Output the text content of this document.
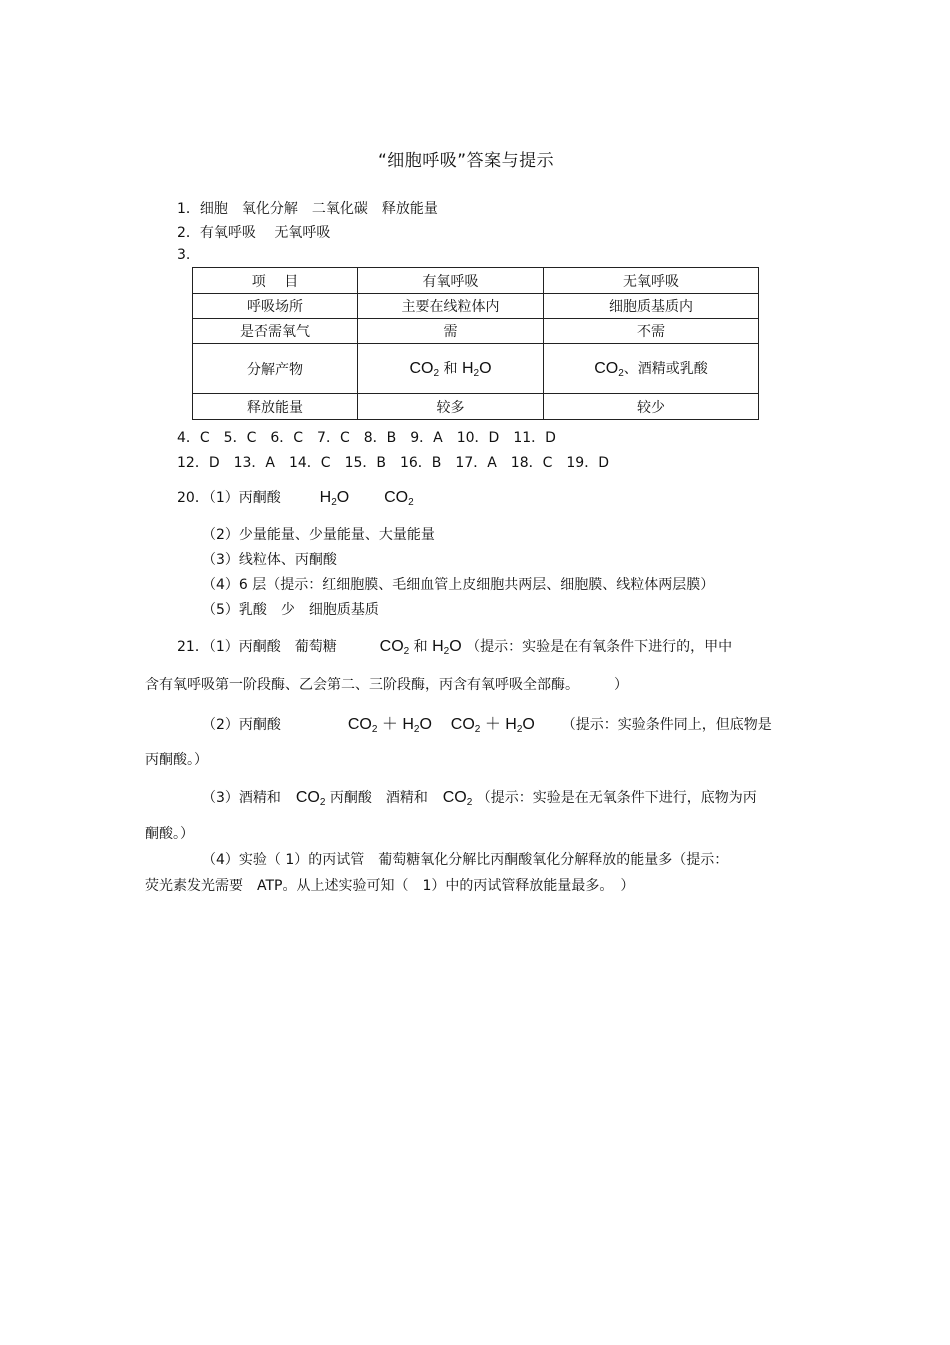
“细胞呼吸”答案与提示
1．细胞　氧化分解　二氧化碳　释放能量
2．有氧呼吸　 无氧呼吸
3.
项　 目	有氧呼吸	无氧呼吸
呼吸场所	主要在线粒体内	细胞质基质内
是否需氧气	需	不需
分解产物	$CO_2$ 和 $H_2O$	$CO_2$、酒精或乳酸
释放能量	较多	较少
4．C　5．C　6．C　7．C　8．B　9．A　10．D　11．D
12．D　13．A　14．C　15．B　16．B　17．A　18．C　19．D
20．（1）丙酮酸 $H_2O$ $CO_2$
（2）少量能量、少量能量、大量能量
（3）线粒体、丙酮酸
（4）6 层（提示：红细胞膜、毛细血管上皮细胞共两层、细胞膜、线粒体两层膜）
（5）乳酸　少　细胞质基质
21．（1）丙酮酸　葡萄糖	$CO_2$ 和 $H_2O$ （提示：实验是在有氧条件下进行的，甲中
含有氧呼吸第一阶段酶、乙会第二、三阶段酶，丙含有氧呼吸全部酶。　　　）
（2）丙酮酸	$CO_2 + H_2O$ $CO_2 + H_2O$ （提示：实验条件同上，但底物是
丙酮酸。）
（3）酒精和 $CO_2$ 丙酮酸　酒精和 $CO_2$ （提示：实验是在无氧条件下进行，底物为丙
酮酸。）
（4）实验（ 1）的丙试管　葡萄糖氧化分解比丙酮酸氧化分解释放的能量多（提示：
荧光素发光需要　ATP。从上述实验可知（　1）中的丙试管释放能量最多。　）
